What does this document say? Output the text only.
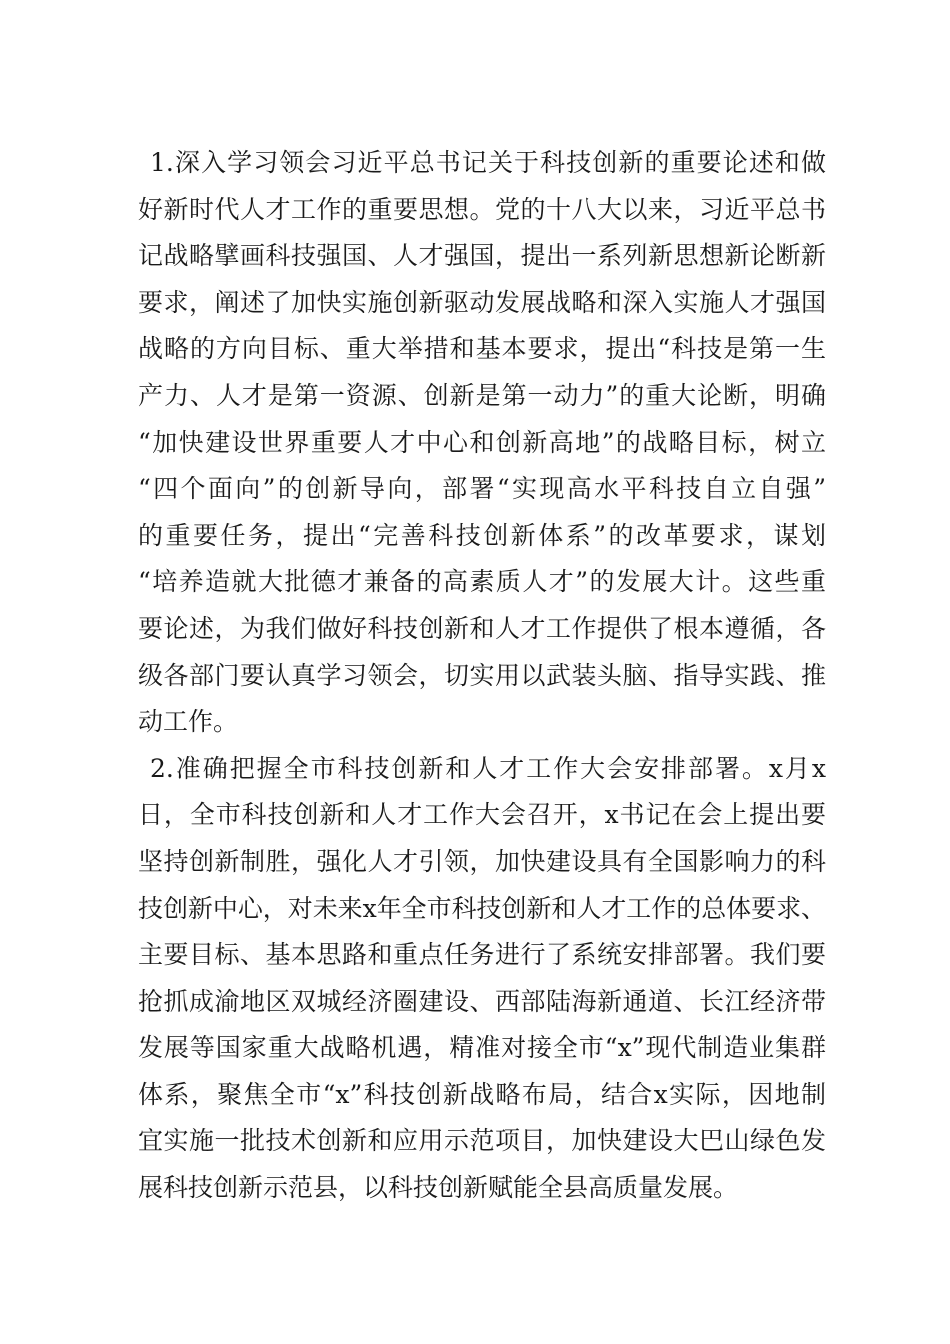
1.深入学习领会习近平总书记关于科技创新的重要论述和做
好新时代人才工作的重要思想。党的十八大以来，习近平总书
记战略擘画科技强国、人才强国，提出一系列新思想新论断新
要求，阐述了加快实施创新驱动发展战略和深入实施人才强国
战略的方向目标、重大举措和基本要求，提出“科技是第一生
产力、人才是第一资源、创新是第一动力”的重大论断，明确
“加快建设世界重要人才中心和创新高地”的战略目标，树立
“四个面向”的创新导向，部署“实现高水平科技自立自强”
的重要任务，提出“完善科技创新体系”的改革要求，谋划
“培养造就大批德才兼备的高素质人才”的发展大计。这些重
要论述，为我们做好科技创新和人才工作提供了根本遵循，各
级各部门要认真学习领会，切实用以武装头脑、指导实践、推
动工作。
2.准确把握全市科技创新和人才工作大会安排部署。x月x
日，全市科技创新和人才工作大会召开，x书记在会上提出要
坚持创新制胜，强化人才引领，加快建设具有全国影响力的科
技创新中心，对未来x年全市科技创新和人才工作的总体要求、
主要目标、基本思路和重点任务进行了系统安排部署。我们要
抢抓成渝地区双城经济圈建设、西部陆海新通道、长江经济带
发展等国家重大战略机遇，精准对接全市“x”现代制造业集群
体系，聚焦全市“x”科技创新战略布局，结合x实际，因地制
宜实施一批技术创新和应用示范项目，加快建设大巴山绿色发
展科技创新示范县，以科技创新赋能全县高质量发展。
